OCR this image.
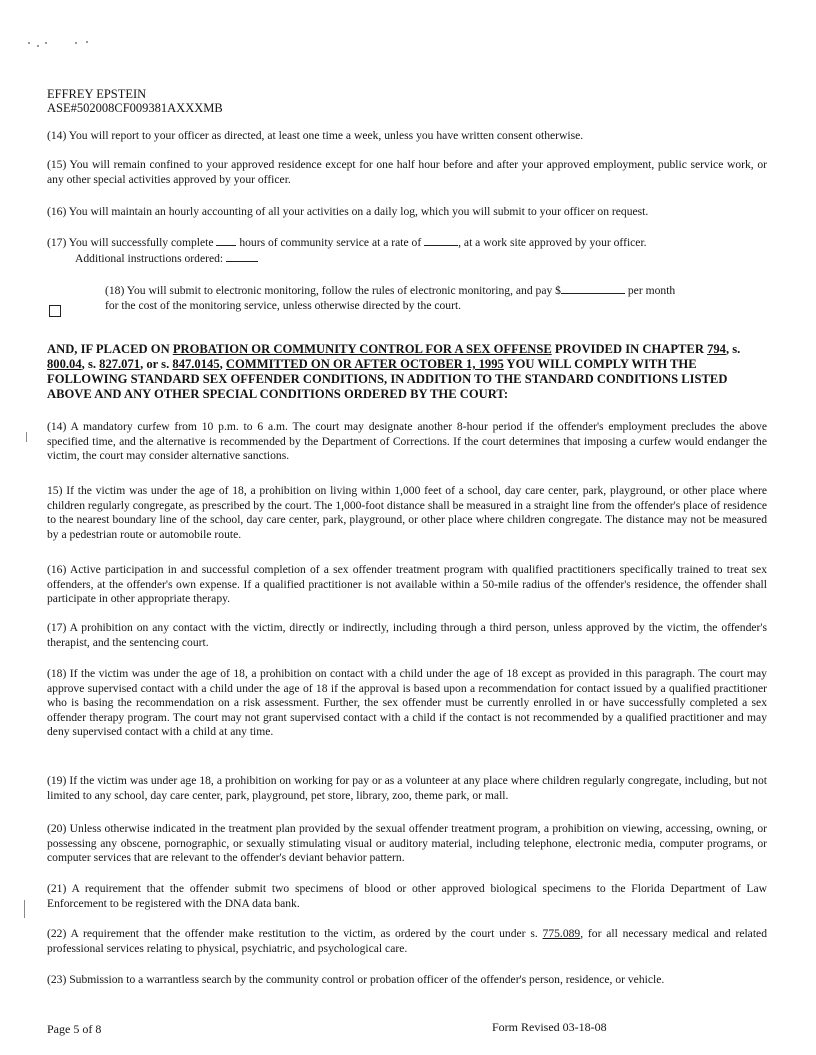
EFFREY EPSTEIN
ASE#502008CF009381AXXXMB
(14) You will report to your officer as directed, at least one time a week, unless you have written consent otherwise.
(15) You will remain confined to your approved residence except for one half hour before and after your approved employment, public service work, or any other special activities approved by your officer.
(16) You will maintain an hourly accounting of all your activities on a daily log, which you will submit to your officer on request.
(17) You will successfully complete hours of community service at a rate of	, at a work site approved by your officer.
Additional instructions ordered:
(18) You will submit to electronic monitoring, follow the rules of electronic monitoring, and pay $	per month
for the cost of the monitoring service, unless otherwise directed by the court.
AND, IF PLACED ON PROBATION OR COMMUNITY CONTROL FOR A SEX OFFENSE PROVIDED IN CHAPTER 794, s. 800.04, s. 827.071, or s. 847.0145, COMMITTED ON OR AFTER OCTOBER 1, 1995 YOU WILL COMPLY WITH THE FOLLOWING STANDARD SEX OFFENDER CONDITIONS, IN ADDITION TO THE STANDARD CONDITIONS LISTED ABOVE AND ANY OTHER SPECIAL CONDITIONS ORDERED BY THE COURT:
(14) A mandatory curfew from 10 p.m. to 6 a.m. The court may designate another 8-hour period if the offender's employment precludes the above specified time, and the alternative is recommended by the Department of Corrections. If the court determines that imposing a curfew would endanger the victim, the court may consider alternative sanctions.
15) If the victim was under the age of 18, a prohibition on living within 1,000 feet of a school, day care center, park, playground, or other place where children regularly congregate, as prescribed by the court. The 1,000-foot distance shall be measured in a straight line from the offender's place of residence to the nearest boundary line of the school, day care center, park, playground, or other place where children congregate. The distance may not be measured by a pedestrian route or automobile route.
(16) Active participation in and successful completion of a sex offender treatment program with qualified practitioners specifically trained to treat sex offenders, at the offender's own expense. If a qualified practitioner is not available within a 50-mile radius of the offender's residence, the offender shall participate in other appropriate therapy.
(17) A prohibition on any contact with the victim, directly or indirectly, including through a third person, unless approved by the victim, the offender's therapist, and the sentencing court.
(18) If the victim was under the age of 18, a prohibition on contact with a child under the age of 18 except as provided in this paragraph. The court may approve supervised contact with a child under the age of 18 if the approval is based upon a recommendation for contact issued by a qualified practitioner who is basing the recommendation on a risk assessment. Further, the sex offender must be currently enrolled in or have successfully completed a sex offender therapy program. The court may not grant supervised contact with a child if the contact is not recommended by a qualified practitioner and may deny supervised contact with a child at any time.
(19) If the victim was under age 18, a prohibition on working for pay or as a volunteer at any place where children regularly congregate, including, but not limited to any school, day care center, park, playground, pet store, library, zoo, theme park, or mall.
(20) Unless otherwise indicated in the treatment plan provided by the sexual offender treatment program, a prohibition on viewing, accessing, owning, or possessing any obscene, pornographic, or sexually stimulating visual or auditory material, including telephone, electronic media, computer programs, or computer services that are relevant to the offender's deviant behavior pattern.
(21) A requirement that the offender submit two specimens of blood or other approved biological specimens to the Florida Department of Law Enforcement to be registered with the DNA data bank.
(22) A requirement that the offender make restitution to the victim, as ordered by the court under s. 775.089, for all necessary medical and related professional services relating to physical, psychiatric, and psychological care.
(23) Submission to a warrantless search by the community control or probation officer of the offender's person, residence, or vehicle.
Page 5 of 8	Form Revised 03-18-08
